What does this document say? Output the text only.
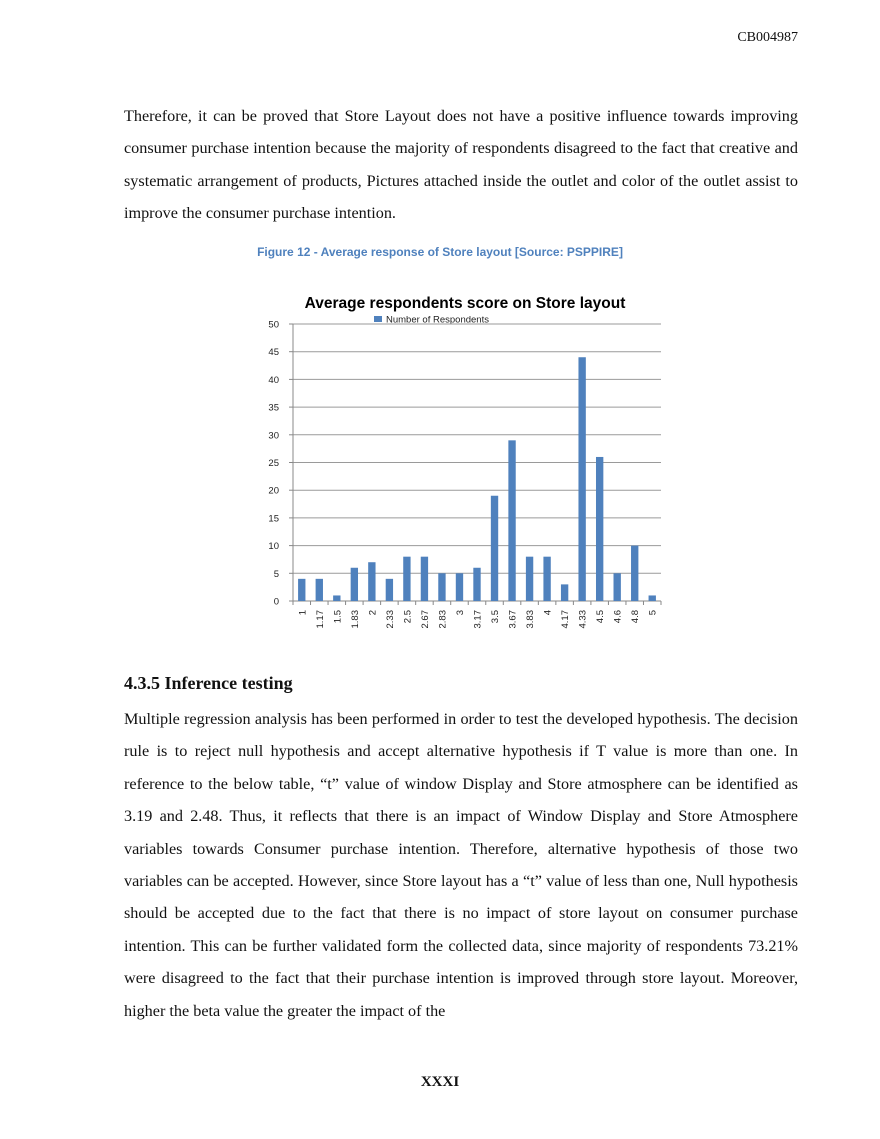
CB004987

Therefore, it can be proved that Store Layout does not have a positive influence towards improving consumer purchase intention because the majority of respondents disagreed to the fact that creative and systematic arrangement of products, Pictures attached inside the outlet and color of the outlet assist to improve the consumer purchase intention.

Figure 12 - Average response of Store layout [Source: PSPPIRE]
Average respondents score on Store layout
Number of Respondents
0
5
10
15
20
25
30
35
40
45
50
1 1.17 1.5 1.83 2 2.33 2.5 2.67 2.83 3 3.17 3.5 3.67 3.83 4 4.17 4.33 4.5 4.6 4.8 5
4.3.5 Inference testing

Multiple regression analysis has been performed in order to test the developed hypothesis. The decision rule is to reject null hypothesis and accept alternative hypothesis if T value is more than one. In reference to the below table, “t” value of window Display and Store atmosphere can be identified as 3.19 and 2.48. Thus, it reflects that there is an impact of Window Display and Store Atmosphere variables towards Consumer purchase intention. Therefore, alternative hypothesis of those two variables can be accepted. However, since Store layout has a “t” value of less than one, Null hypothesis should be accepted due to the fact that there is no impact of store layout on consumer purchase intention. This can be further validated form the collected data, since majority of respondents 73.21% were disagreed to the fact that their purchase intention is improved through store layout. Moreover, higher the beta value the greater the impact of the

XXXI
